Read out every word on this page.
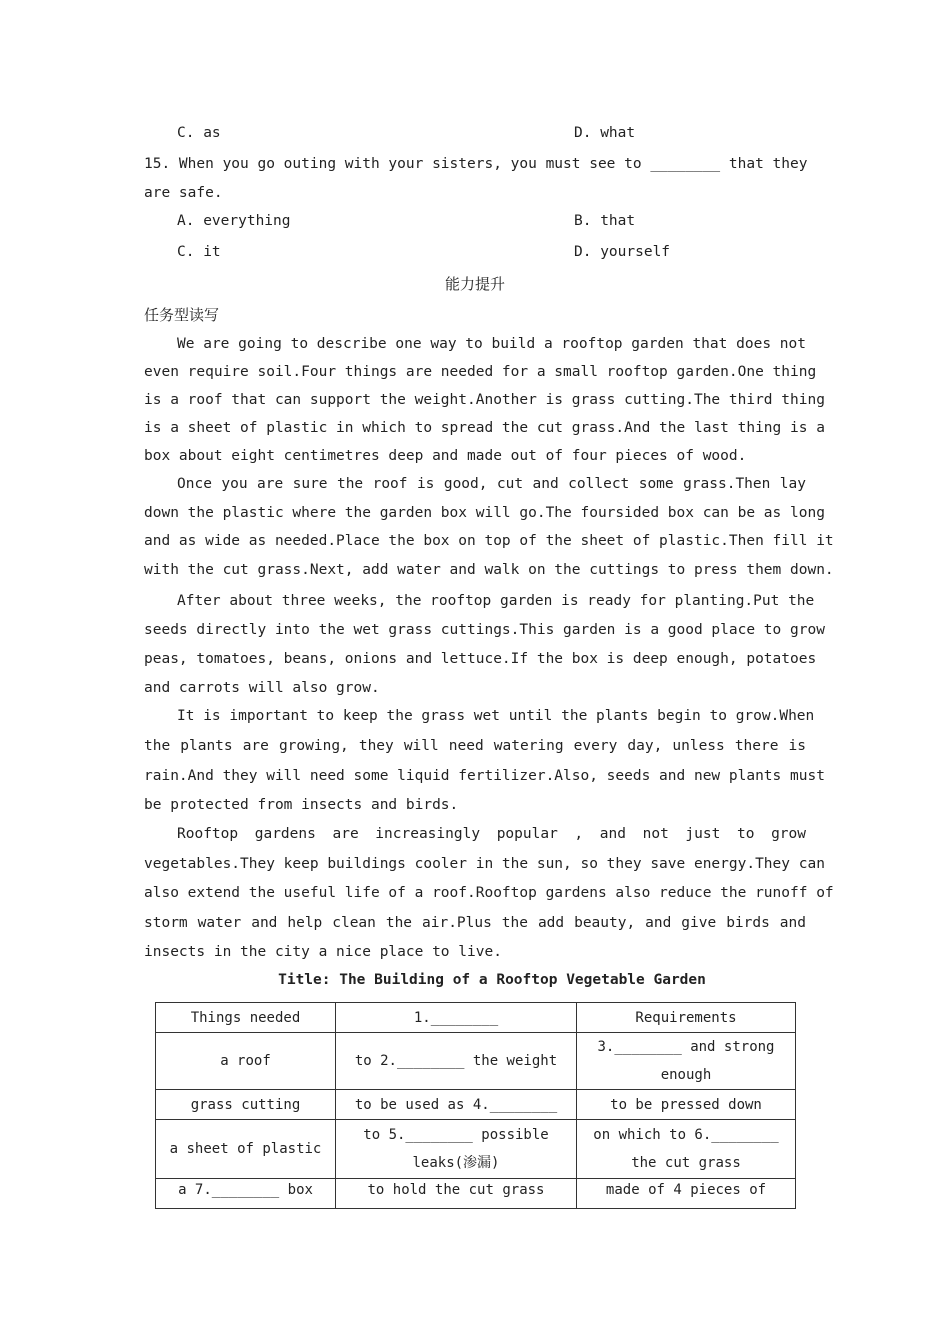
C. as	D. what
15. When you go outing with your sisters, you must see to ________ that they
are safe.
A. everything	B. that
C. it	D. yourself
能力提升
任务型读写
We are going to describe one way to build a rooftop garden that does not
even require soil.Four things are needed for a small rooftop garden.One thing
is a roof that can support the weight.Another is grass cutting.The third thing
is a sheet of plastic in which to spread the cut grass.And the last thing is a
box about eight centimetres deep and made out of four pieces of wood.
Once you are sure the roof is good, cut and collect some grass.Then lay
down the plastic where the garden box will go.The foursided box can be as long
and as wide as needed.Place the box on top of the sheet of plastic.Then fill it
with the cut grass.Next, add water and walk on the cuttings to press them down.
After about three weeks, the rooftop garden is ready for planting.Put the
seeds directly into the wet grass cuttings.This garden is a good place to grow
peas, tomatoes, beans, onions and lettuce.If the box is deep enough, potatoes
and carrots will also grow.
It is important to keep the grass wet until the plants begin to grow.When
the plants are growing, they will need watering every day, unless there is
rain.And they will need some liquid fertilizer.Also, seeds and new plants must
be protected from insects and birds.
Rooftop gardens are increasingly popular , and not just to grow
vegetables.They keep buildings cooler in the sun, so they save energy.They can
also extend the useful life of a roof.Rooftop gardens also reduce the runoff of
storm water and help clean the air.Plus the add beauty, and give birds and
insects in the city a nice place to live.
Title: The Building of a Rooftop Vegetable Garden
Things needed	1.________	Requirements
a roof	to 2.________ the weight	3.________ and strong enough
grass cutting	to be used as 4.________	to be pressed down
a sheet of plastic	to 5.________ possible leaks(渗漏)	on which to 6.________ the cut grass
a 7.________ box	to hold the cut grass	made of 4 pieces of
